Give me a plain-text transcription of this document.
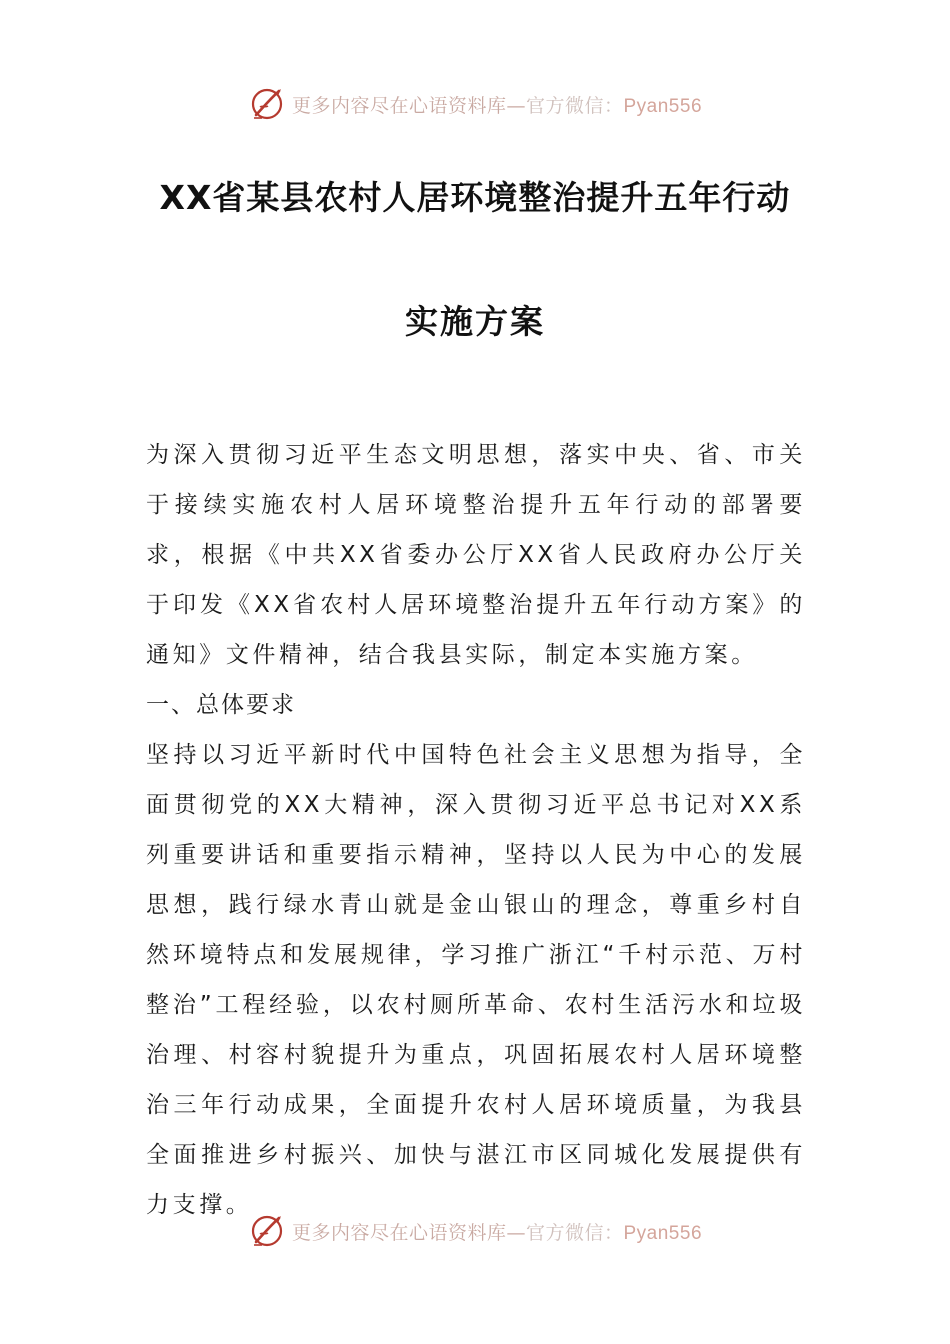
更多内容尽在心语资料库—官方微信：Pyan556
XX省某县农村人居环境整治提升五年行动
实施方案

为深入贯彻习近平生态文明思想，落实中央、省、市关于接续实施农村人居环境整治提升五年行动的部署要求，根据《中共XX省委办公厅XX省人民政府办公厅关于印发《XX省农村人居环境整治提升五年行动方案》的通知》文件精神，结合我县实际，制定本实施方案。

一、总体要求

坚持以习近平新时代中国特色社会主义思想为指导，全面贯彻党的XX大精神，深入贯彻习近平总书记对XX系列重要讲话和重要指示精神，坚持以人民为中心的发展思想，践行绿水青山就是金山银山的理念，尊重乡村自然环境特点和发展规律，学习推广浙江“千村示范、万村整治”工程经验，以农村厕所革命、农村生活污水和垃圾治理、村容村貌提升为重点，巩固拓展农村人居环境整治三年行动成果，全面提升农村人居环境质量，为我县全面推进乡村振兴、加快与湛江市区同城化发展提供有力支撑。

更多内容尽在心语资料库—官方微信：Pyan556
